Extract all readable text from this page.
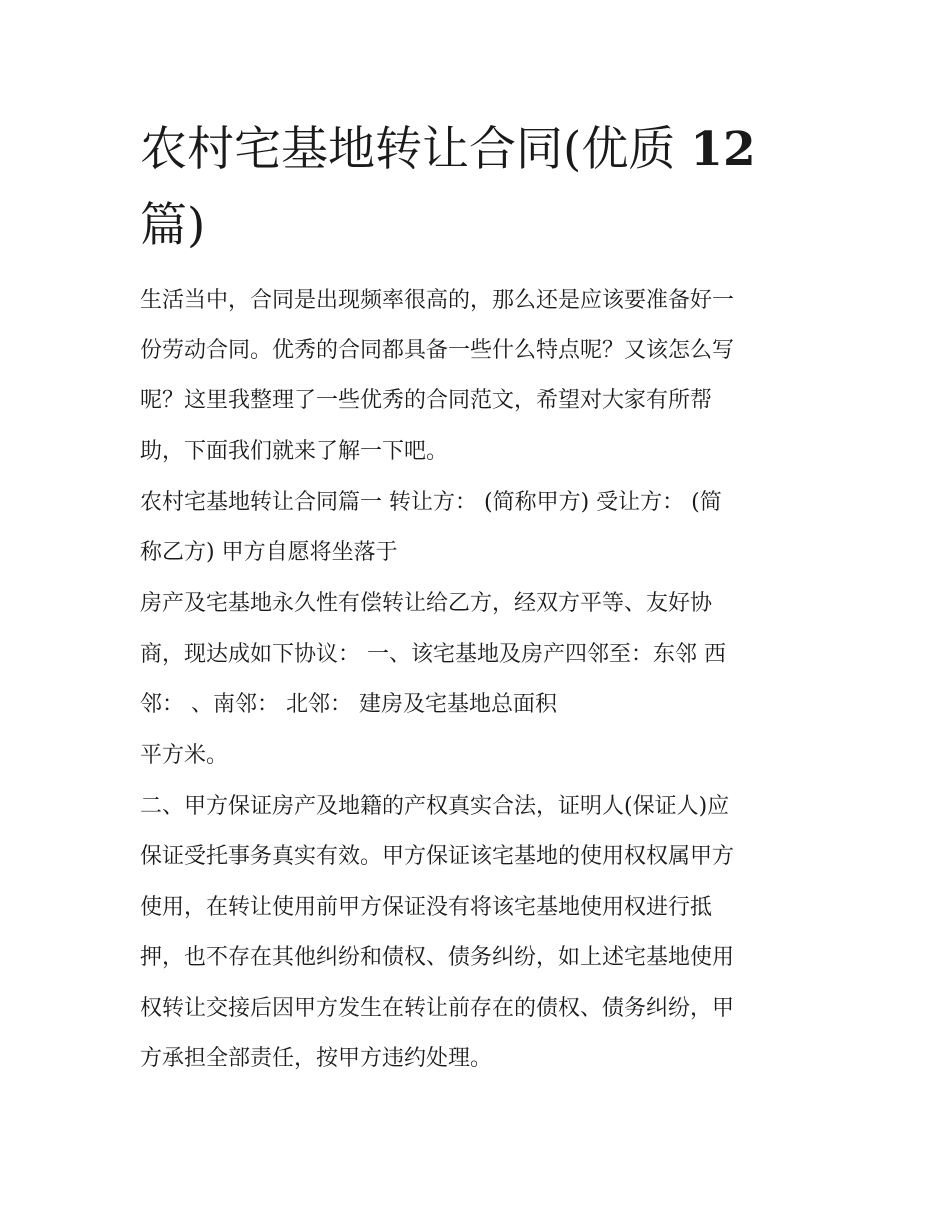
农村宅基地转让合同(优质 12
篇)

生活当中，合同是出现频率很高的，那么还是应该要准备好一

份劳动合同。优秀的合同都具备一些什么特点呢？又该怎么写

呢？这里我整理了一些优秀的合同范文，希望对大家有所帮

助，下面我们就来了解一下吧。

农村宅基地转让合同篇一 转让方： (简称甲方) 受让方： (简

称乙方) 甲方自愿将坐落于

房产及宅基地永久性有偿转让给乙方，经双方平等、友好协

商，现达成如下协议： 一、该宅基地及房产四邻至：东邻 西

邻： 、南邻： 北邻： 建房及宅基地总面积

平方米。

二、甲方保证房产及地籍的产权真实合法，证明人(保证人)应

保证受托事务真实有效。甲方保证该宅基地的使用权权属甲方

使用，在转让使用前甲方保证没有将该宅基地使用权进行抵

押，也不存在其他纠纷和债权、债务纠纷，如上述宅基地使用

权转让交接后因甲方发生在转让前存在的债权、债务纠纷，甲

方承担全部责任，按甲方违约处理。
